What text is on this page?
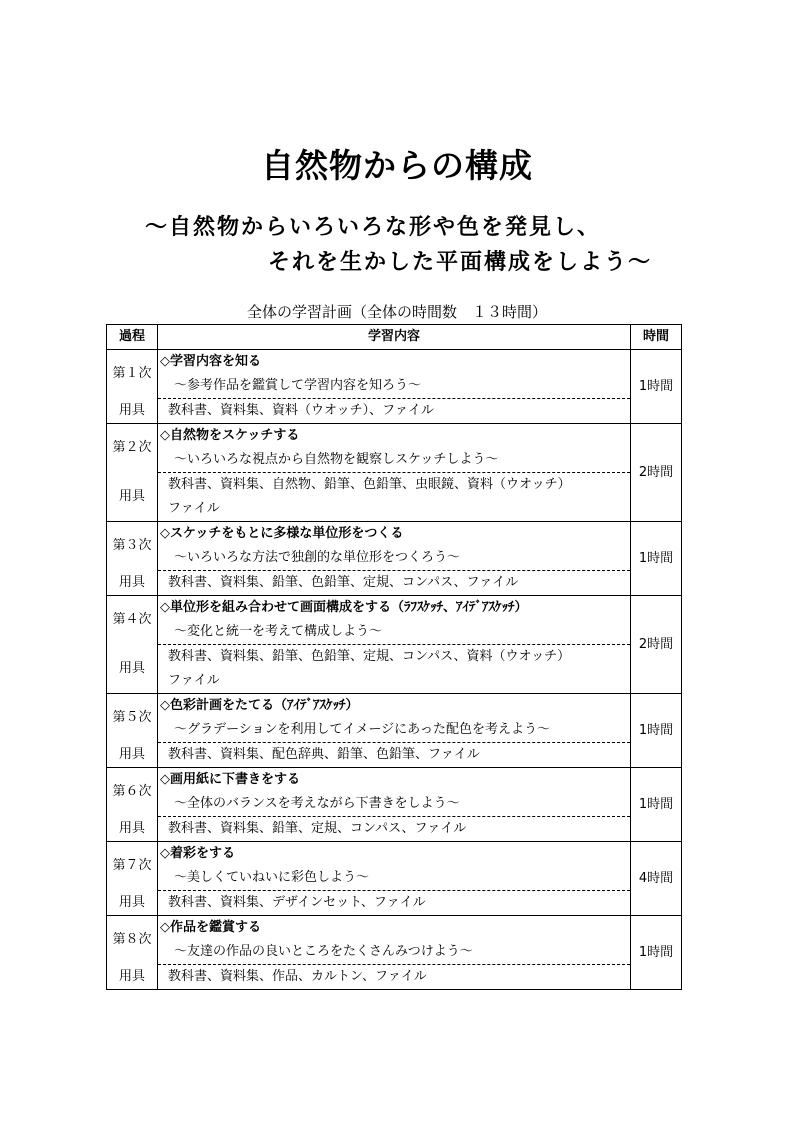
自然物からの構成
〜自然物からいろいろな形や色を発見し、
それを生かした平面構成をしよう〜
全体の学習計画（全体の時間数　１３時間）
過程	学習内容	時間
第１次	◇学習内容を知る	1時間
	〜参考作品を鑑賞して学習内容を知ろう〜	
用具	教科書、資料集、資料（ウオッチ）、ファイル	
第２次	◇自然物をスケッチする	2時間
	〜いろいろな視点から自然物を観察しスケッチしよう〜	
用具	教科書、資料集、自然物、鉛筆、色鉛筆、虫眼鏡、資料（ウオッチ）	
	ファイル	
第３次	◇スケッチをもとに多様な単位形をつくる	1時間
	〜いろいろな方法で独創的な単位形をつくろう〜	
用具	教科書、資料集、鉛筆、色鉛筆、定規、コンパス、ファイル	
第４次	◇単位形を組み合わせて画面構成をする（ﾗﾌｽｹｯﾁ、ｱｲﾃﾞｱｽｹｯﾁ）	2時間
	〜変化と統一を考えて構成しよう〜	
用具	教科書、資料集、鉛筆、色鉛筆、定規、コンパス、資料（ウオッチ）	
	ファイル	
第５次	◇色彩計画をたてる（ｱｲﾃﾞｱｽｹｯﾁ）	1時間
	〜グラデーションを利用してイメージにあった配色を考えよう〜	
用具	教科書、資料集、配色辞典、鉛筆、色鉛筆、ファイル	
第６次	◇画用紙に下書きをする	1時間
	〜全体のバランスを考えながら下書きをしよう〜	
用具	教科書、資料集、鉛筆、定規、コンパス、ファイル	
第７次	◇着彩をする	4時間
	〜美しくていねいに彩色しよう〜	
用具	教科書、資料集、デザインセット、ファイル	
第８次	◇作品を鑑賞する	1時間
	〜友達の作品の良いところをたくさんみつけよう〜	
用具	教科書、資料集、作品、カルトン、ファイル	
